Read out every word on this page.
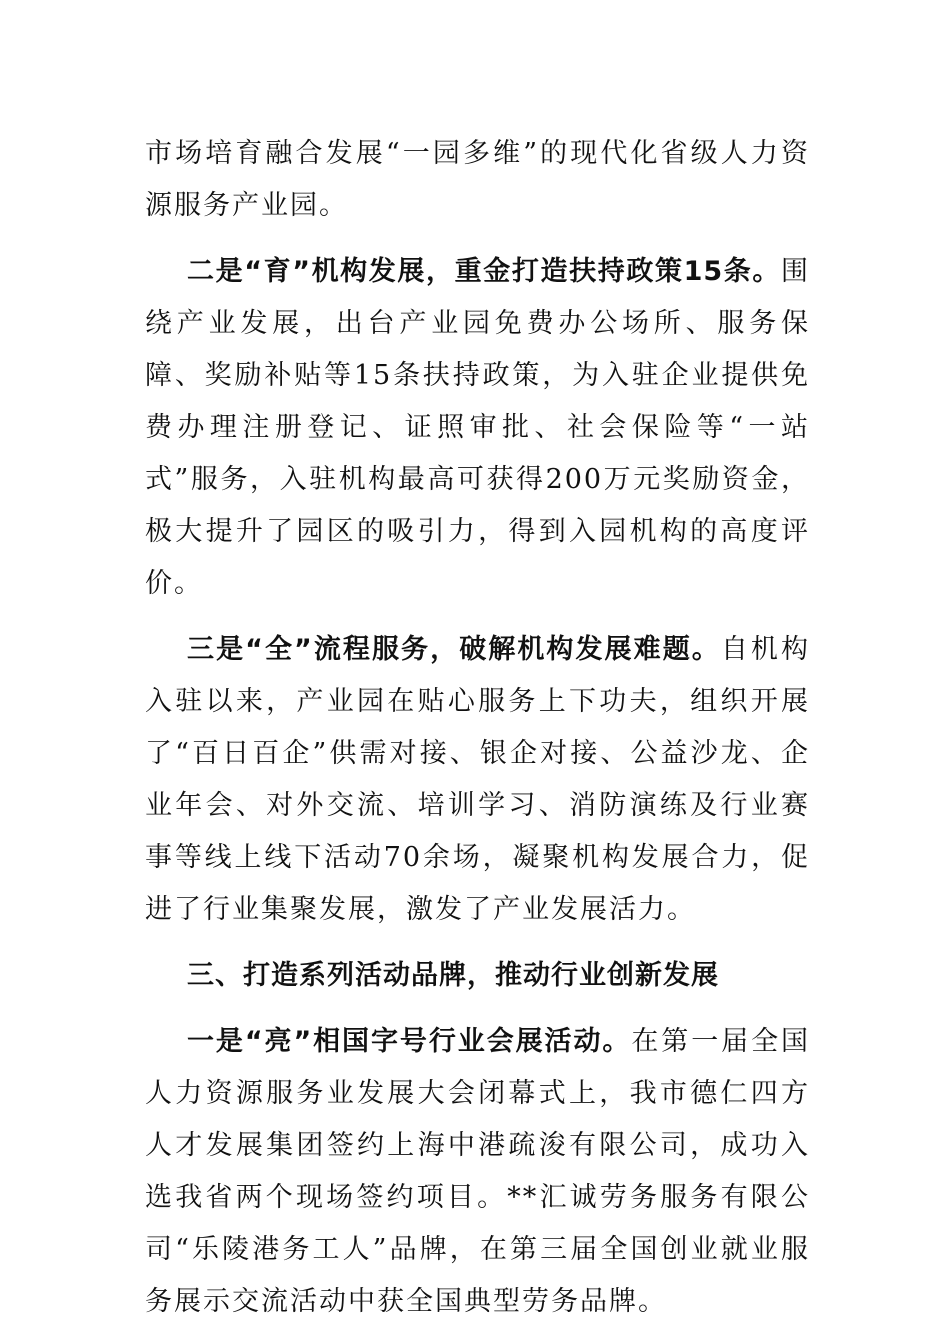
市场培育融合发展“一园多维”的现代化省级人力资源服务产业园。

二是“育”机构发展，重金打造扶持政策15条。围绕产业发展，出台产业园免费办公场所、服务保障、奖励补贴等15条扶持政策，为入驻企业提供免费办理注册登记、证照审批、社会保险等“一站式”服务，入驻机构最高可获得200万元奖励资金，极大提升了园区的吸引力，得到入园机构的高度评价。

三是“全”流程服务，破解机构发展难题。自机构入驻以来，产业园在贴心服务上下功夫，组织开展了“百日百企”供需对接、银企对接、公益沙龙、企业年会、对外交流、培训学习、消防演练及行业赛事等线上线下活动70余场，凝聚机构发展合力，促进了行业集聚发展，激发了产业发展活力。

三、打造系列活动品牌，推动行业创新发展

一是“亮”相国字号行业会展活动。在第一届全国人力资源服务业发展大会闭幕式上，我市德仁四方人才发展集团签约上海中港疏浚有限公司，成功入选我省两个现场签约项目。**汇诚劳务服务有限公司“乐陵港务工人”品牌，在第三届全国创业就业服务展示交流活动中获全国典型劳务品牌。
